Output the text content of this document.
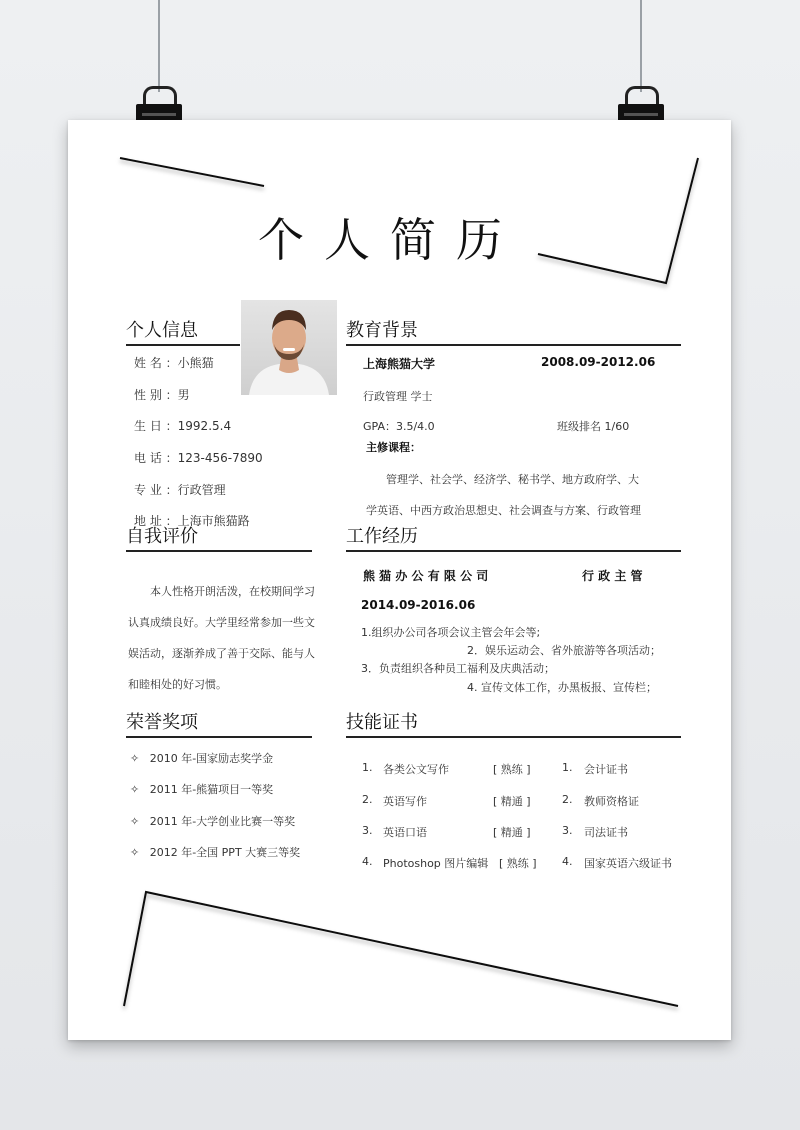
个人简历
个人信息
姓 名 ：小熊猫
性 别 ：男
生 日 ：1992.5.4
电 话 ：123-456-7890
专 业 ：行政管理
地 址 ：上海市熊猫路
教育背景
上海熊猫大学	2008.09-2012.06
行政管理 学士
GPA：3.5/4.0	班级排名 1/60
主修课程：
管理学、社会学、经济学、秘书学、地方政府学、大
学英语、中西方政治思想史、社会调查与方案、行政管理
自我评价
本人性格开朗活泼，在校期间学习
认真成绩良好。大学里经常参加一些文
娱活动，逐渐养成了善于交际、能与人
和睦相处的好习惯。
工作经历
熊 猫 办 公 有 限 公 司	行 政 主 管
2014.09-2016.06
1.组织办公司各项会议主管会年会等;
2．娱乐运动会、省外旅游等各项活动；
3．负责组织各种员工福利及庆典活动；
4. 宣传文体工作，办黑板报、宣传栏；
荣誉奖项
✧ 2010 年-国家励志奖学金
✧ 2011 年-熊猫项目一等奖
✧ 2011 年-大学创业比赛一等奖
✧ 2012 年-全国 PPT 大赛三等奖
技能证书
1. 各类公文写作	[ 熟练 ]	1. 会计证书
2. 英语写作	[ 精通 ]	2. 教师资格证
3. 英语口语	[ 精通 ]	3. 司法证书
4. Photoshop 图片编辑 [ 熟练 ] 4. 国家英语六级证书
